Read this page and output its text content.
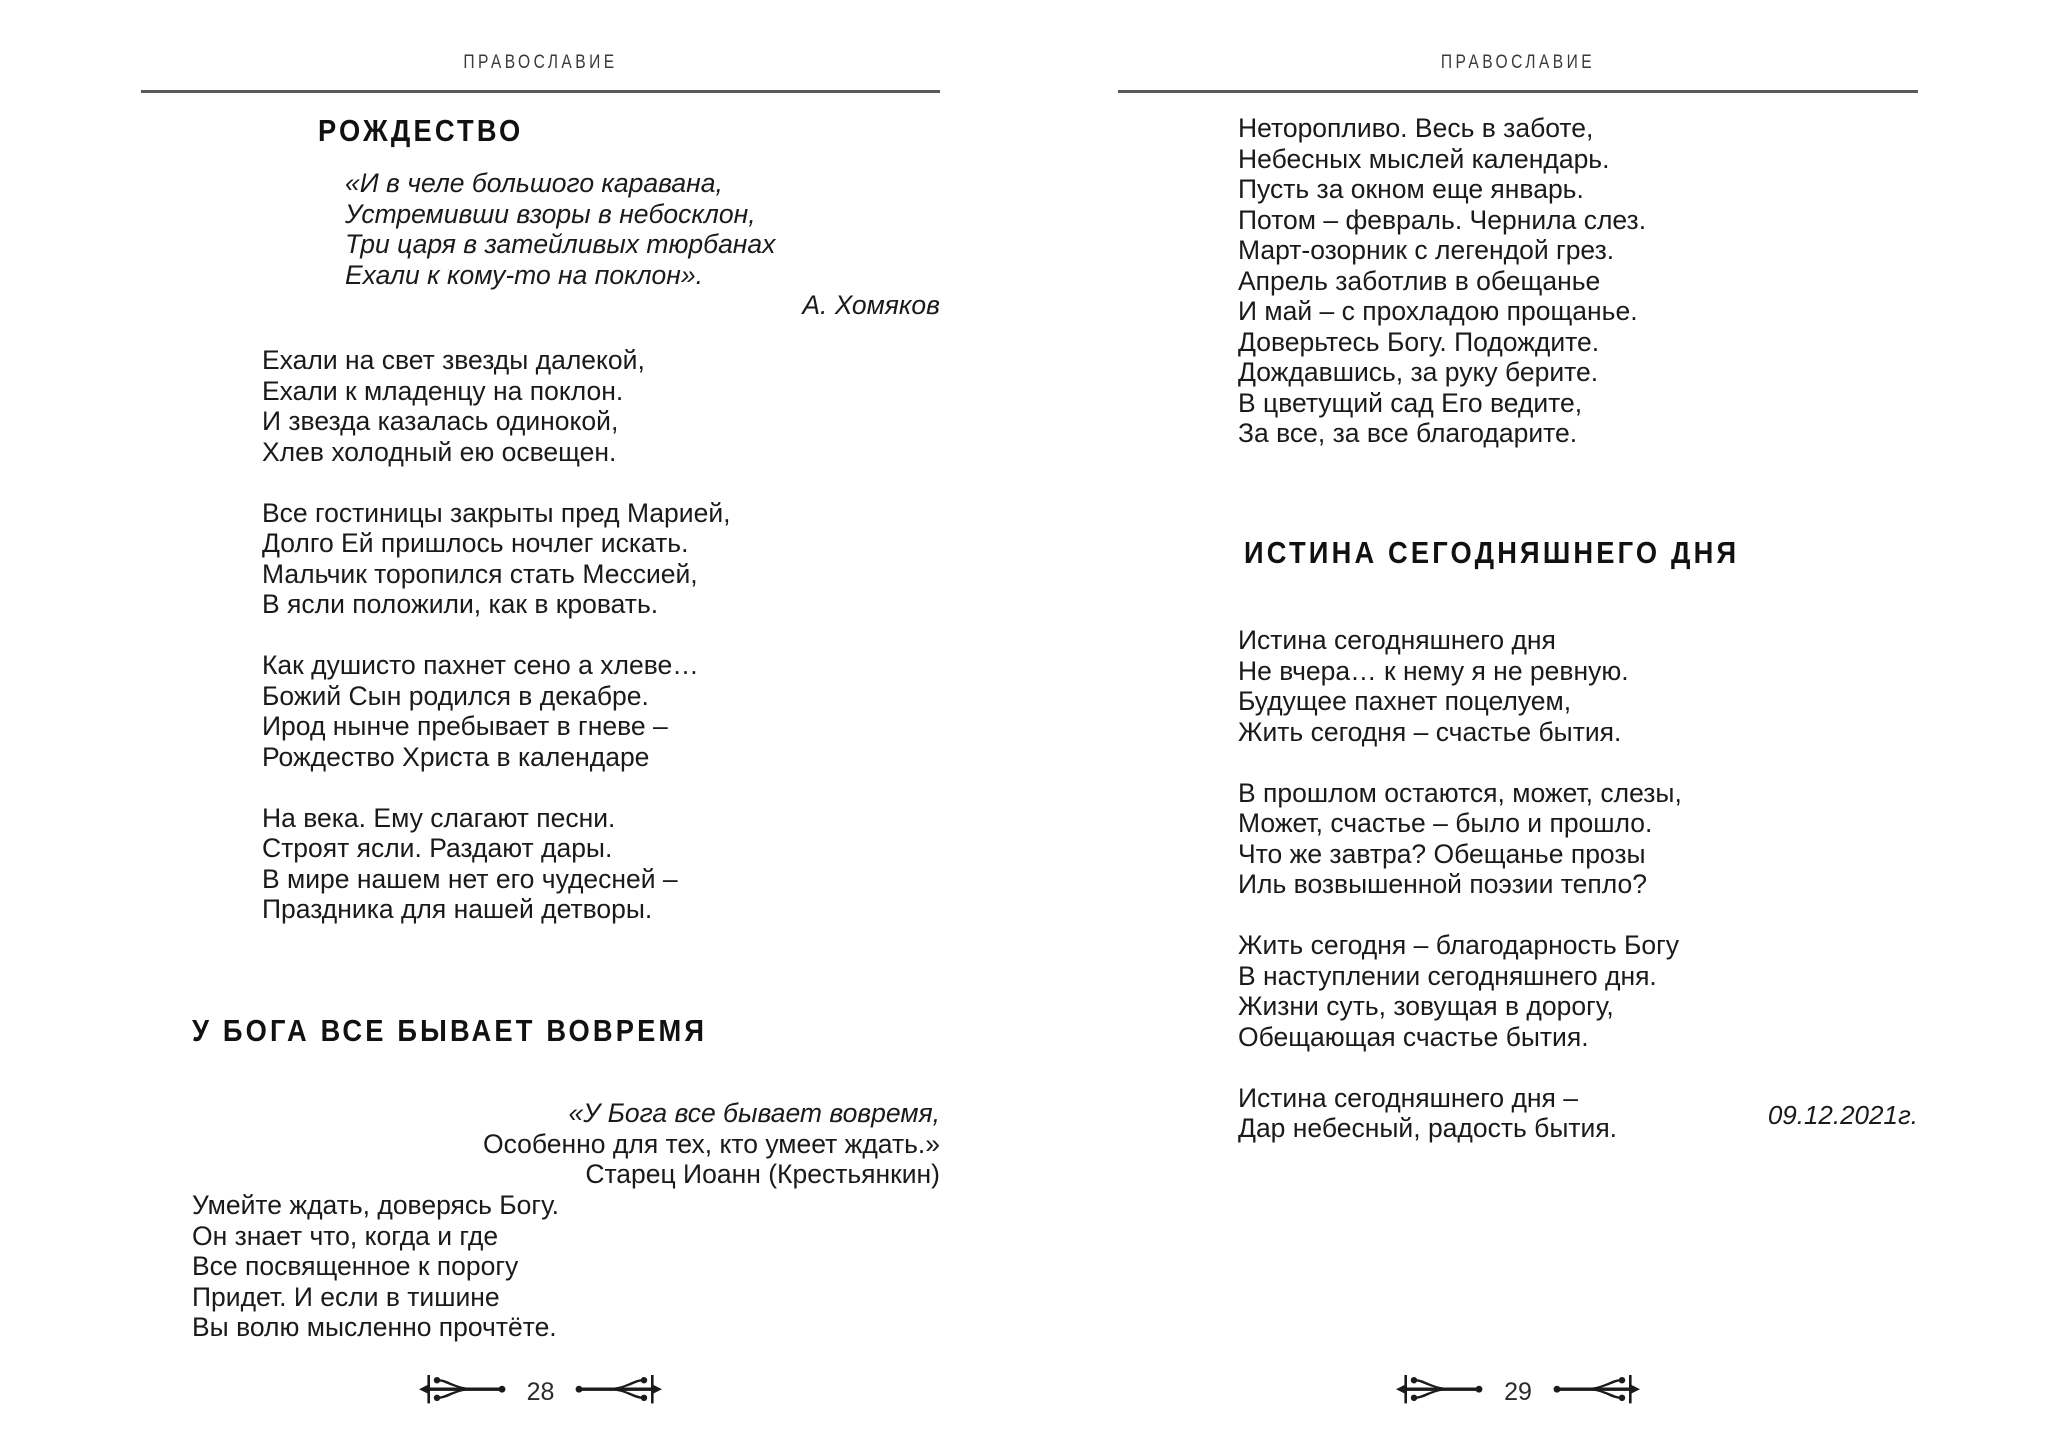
ПРАВОСЛАВИЕ
РОЖДЕСТВО
«И в челе большого каравана,
Устремивши взоры в небосклон,
Три царя в затейливых тюрбанах
Ехали к кому-то на поклон».
А. Хомяков
Ехали на свет звезды далекой,
Ехали к младенцу на поклон.
И звезда казалась одинокой,
Хлев холодный ею освещен.
Все гостиницы закрыты пред Марией,
Долго Ей пришлось ночлег искать.
Мальчик торопился стать Мессией,
В ясли положили, как в кровать.
Как душисто пахнет сено а хлеве…
Божий Сын родился в декабре.
Ирод нынче пребывает в гневе –
Рождество Христа в календаре
На века. Ему слагают песни.
Строят ясли. Раздают дары.
В мире нашем нет его чудесней –
Праздника для нашей детворы.
У БОГА ВСЕ БЫВАЕТ ВОВРЕМЯ
«У Бога все бывает вовремя,
Особенно для тех, кто умеет ждать.»
Старец Иоанн (Крестьянкин)
Умейте ждать, доверясь Богу.
Он знает что, когда и где
Все посвященное к порогу
Придет. И если в тишине
Вы волю мысленно прочтёте.
28
ПРАВОСЛАВИЕ
Неторопливо. Весь в заботе,
Небесных мыслей календарь.
Пусть за окном еще январь.
Потом – февраль. Чернила слез.
Март-озорник с легендой грез.
Апрель заботлив в обещанье
И май – с прохладою прощанье.
Доверьтесь Богу. Подождите.
Дождавшись, за руку берите.
В цветущий сад Его ведите,
За все, за все благодарите.
ИСТИНА СЕГОДНЯШНЕГО ДНЯ
Истина сегодняшнего дня
Не вчера… к нему я не ревную.
Будущее пахнет поцелуем,
Жить сегодня – счастье бытия.
В прошлом остаются, может, слезы,
Может, счастье – было и прошло.
Что же завтра? Обещанье прозы
Иль возвышенной поэзии тепло?
Жить сегодня – благодарность Богу
В наступлении сегодняшнего дня.
Жизни суть, зовущая в дорогу,
Обещающая счастье бытия.
Истина сегодняшнего дня –
Дар небесный, радость бытия.	09.12.2021г.
29
